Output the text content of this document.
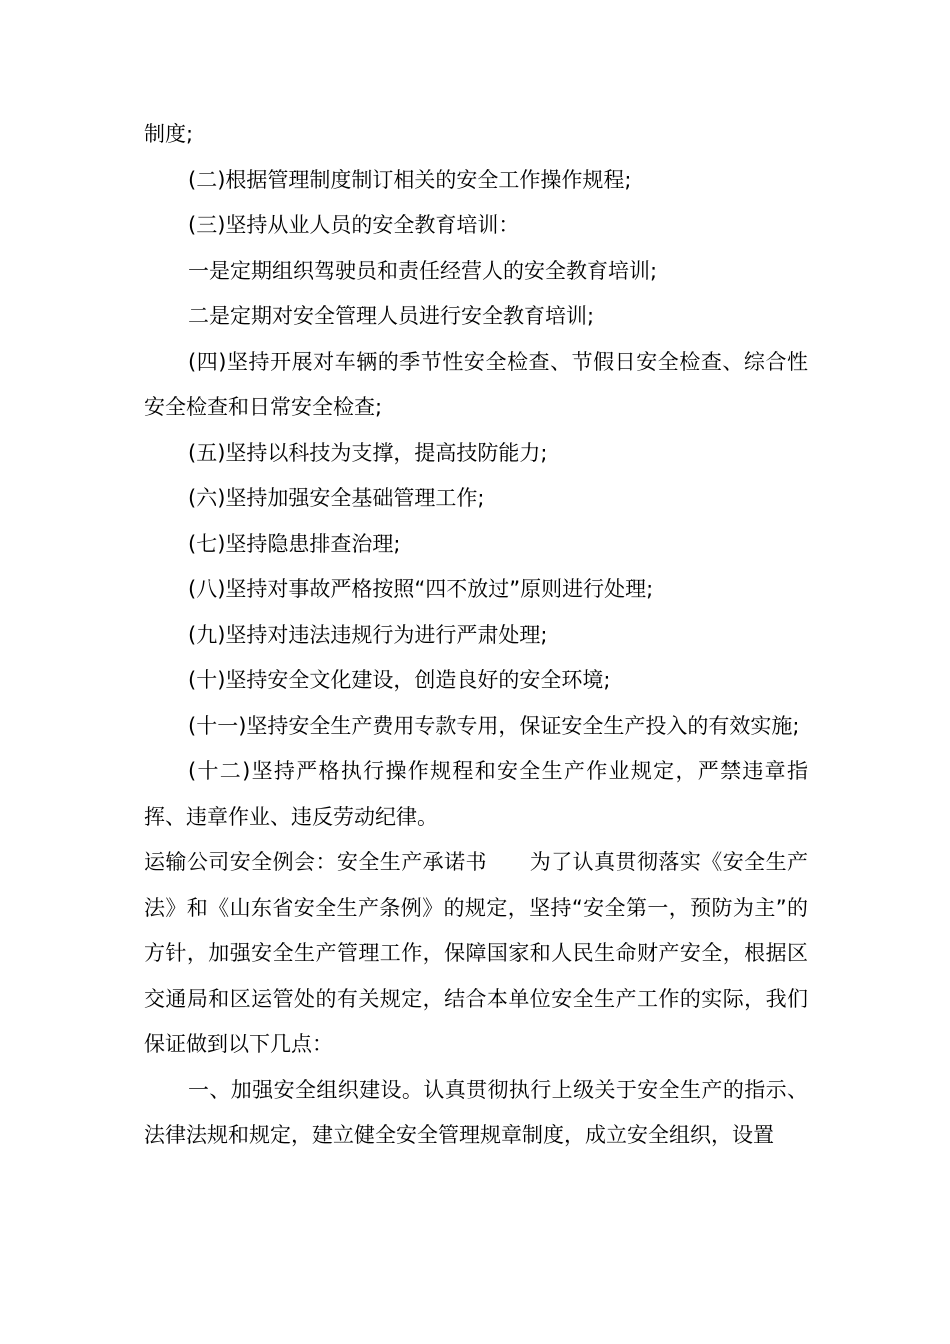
制度;

(二)根据管理制度制订相关的安全工作操作规程;

(三)坚持从业人员的安全教育培训：

一是定期组织驾驶员和责任经营人的安全教育培训;

二是定期对安全管理人员进行安全教育培训;

(四)坚持开展对车辆的季节性安全检查、节假日安全检查、综合性安全检查和日常安全检查;

(五)坚持以科技为支撑，提高技防能力;

(六)坚持加强安全基础管理工作;

(七)坚持隐患排查治理;

(八)坚持对事故严格按照“四不放过”原则进行处理;

(九)坚持对违法违规行为进行严肃处理;

(十)坚持安全文化建设，创造良好的安全环境;

(十一)坚持安全生产费用专款专用，保证安全生产投入的有效实施;

(十二)坚持严格执行操作规程和安全生产作业规定，严禁违章指挥、违章作业、违反劳动纪律。

运输公司安全例会：安全生产承诺书　　为了认真贯彻落实《安全生产法》和《山东省安全生产条例》的规定，坚持“安全第一，预防为主”的方针，加强安全生产管理工作，保障国家和人民生命财产安全，根据区交通局和区运管处的有关规定，结合本单位安全生产工作的实际，我们保证做到以下几点：

一、加强安全组织建设。认真贯彻执行上级关于安全生产的指示、法律法规和规定，建立健全安全管理规章制度，成立安全组织，设置
